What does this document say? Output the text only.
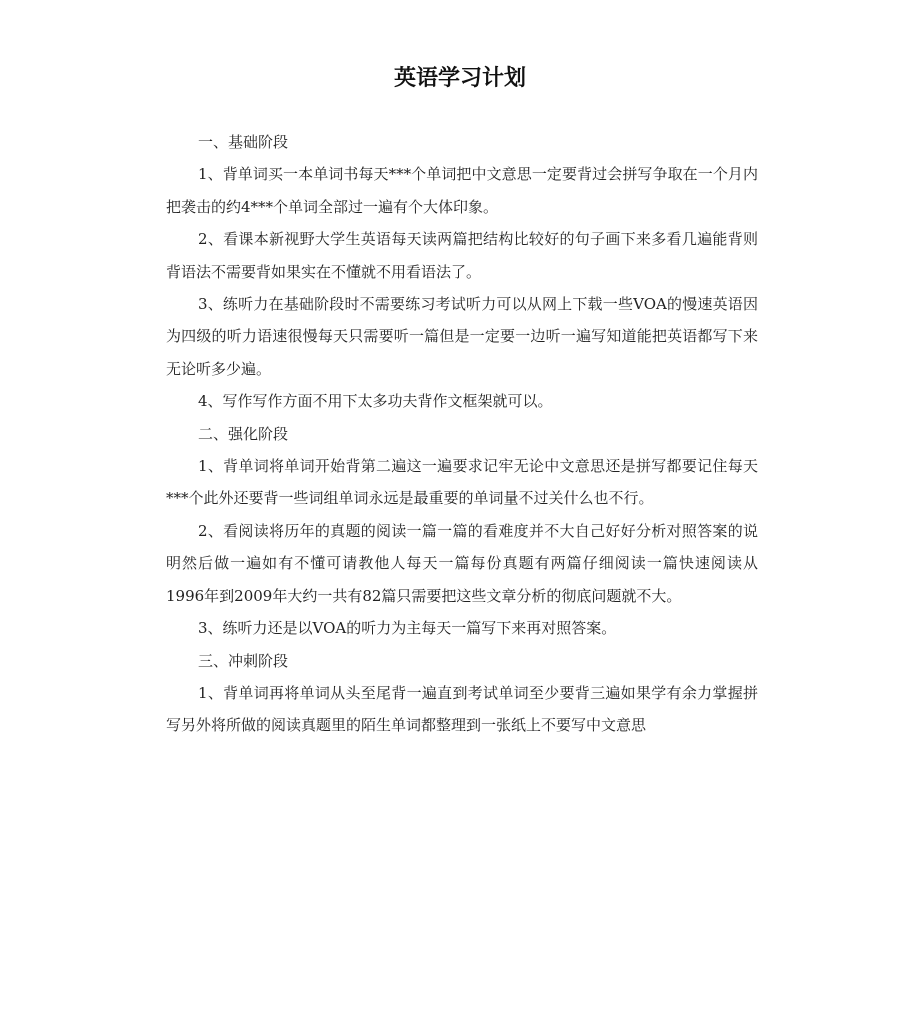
英语学习计划

一、基础阶段

1、背单词买一本单词书每天***个单词把中文意思一定要背过会拼写争取在一个月内把袭击的约4***个单词全部过一遍有个大体印象。

2、看课本新视野大学生英语每天读两篇把结构比较好的句子画下来多看几遍能背则背语法不需要背如果实在不懂就不用看语法了。

3、练听力在基础阶段时不需要练习考试听力可以从网上下载一些VOA的慢速英语因为四级的听力语速很慢每天只需要听一篇但是一定要一边听一遍写知道能把英语都写下来无论听多少遍。

4、写作写作方面不用下太多功夫背作文框架就可以。

二、强化阶段

1、背单词将单词开始背第二遍这一遍要求记牢无论中文意思还是拼写都要记住每天***个此外还要背一些词组单词永远是最重要的单词量不过关什么也不行。

2、看阅读将历年的真题的阅读一篇一篇的看难度并不大自己好好分析对照答案的说明然后做一遍如有不懂可请教他人每天一篇每份真题有两篇仔细阅读一篇快速阅读从1996年到2009年大约一共有82篇只需要把这些文章分析的彻底问题就不大。

3、练听力还是以VOA的听力为主每天一篇写下来再对照答案。

三、冲刺阶段

1、背单词再将单词从头至尾背一遍直到考试单词至少要背三遍如果学有余力掌握拼写另外将所做的阅读真题里的陌生单词都整理到一张纸上不要写中文意思
